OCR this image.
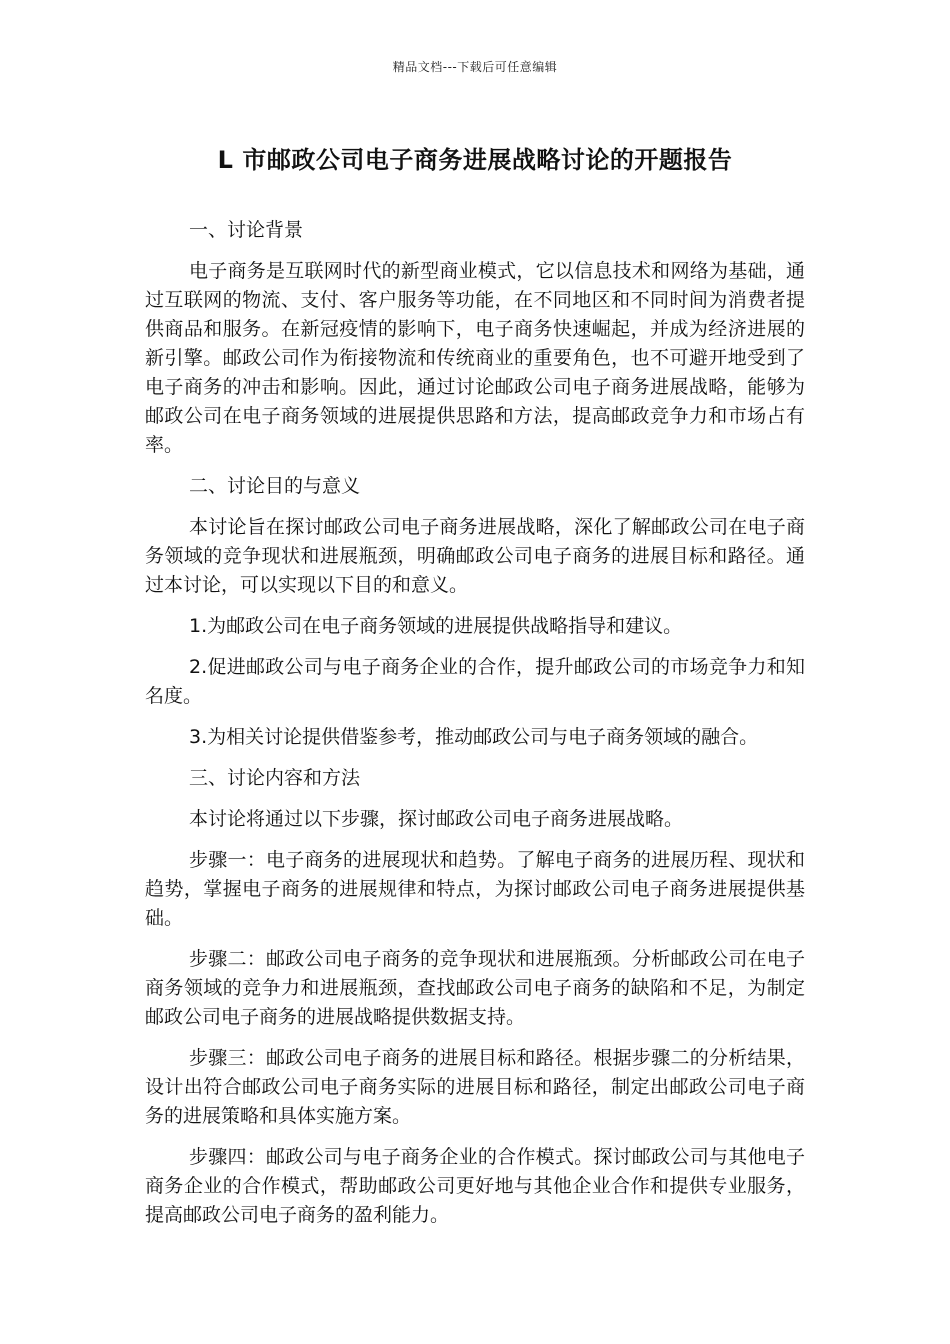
精品文档---下载后可任意编辑
L 市邮政公司电子商务进展战略讨论的开题报告

一、讨论背景

电子商务是互联网时代的新型商业模式，它以信息技术和网络为基础，通过互联网的物流、支付、客户服务等功能，在不同地区和不同时间为消费者提供商品和服务。在新冠疫情的影响下，电子商务快速崛起，并成为经济进展的新引擎。邮政公司作为衔接物流和传统商业的重要角色，也不可避开地受到了电子商务的冲击和影响。因此，通过讨论邮政公司电子商务进展战略，能够为邮政公司在电子商务领域的进展提供思路和方法，提高邮政竞争力和市场占有率。

二、讨论目的与意义

本讨论旨在探讨邮政公司电子商务进展战略，深化了解邮政公司在电子商务领域的竞争现状和进展瓶颈，明确邮政公司电子商务的进展目标和路径。通过本讨论，可以实现以下目的和意义。

1.为邮政公司在电子商务领域的进展提供战略指导和建议。

2.促进邮政公司与电子商务企业的合作，提升邮政公司的市场竞争力和知名度。

3.为相关讨论提供借鉴参考，推动邮政公司与电子商务领域的融合。

三、讨论内容和方法

本讨论将通过以下步骤，探讨邮政公司电子商务进展战略。

步骤一：电子商务的进展现状和趋势。了解电子商务的进展历程、现状和趋势，掌握电子商务的进展规律和特点，为探讨邮政公司电子商务进展提供基础。

步骤二：邮政公司电子商务的竞争现状和进展瓶颈。分析邮政公司在电子商务领域的竞争力和进展瓶颈，查找邮政公司电子商务的缺陷和不足，为制定邮政公司电子商务的进展战略提供数据支持。

步骤三：邮政公司电子商务的进展目标和路径。根据步骤二的分析结果，设计出符合邮政公司电子商务实际的进展目标和路径，制定出邮政公司电子商务的进展策略和具体实施方案。

步骤四：邮政公司与电子商务企业的合作模式。探讨邮政公司与其他电子商务企业的合作模式，帮助邮政公司更好地与其他企业合作和提供专业服务，提高邮政公司电子商务的盈利能力。
